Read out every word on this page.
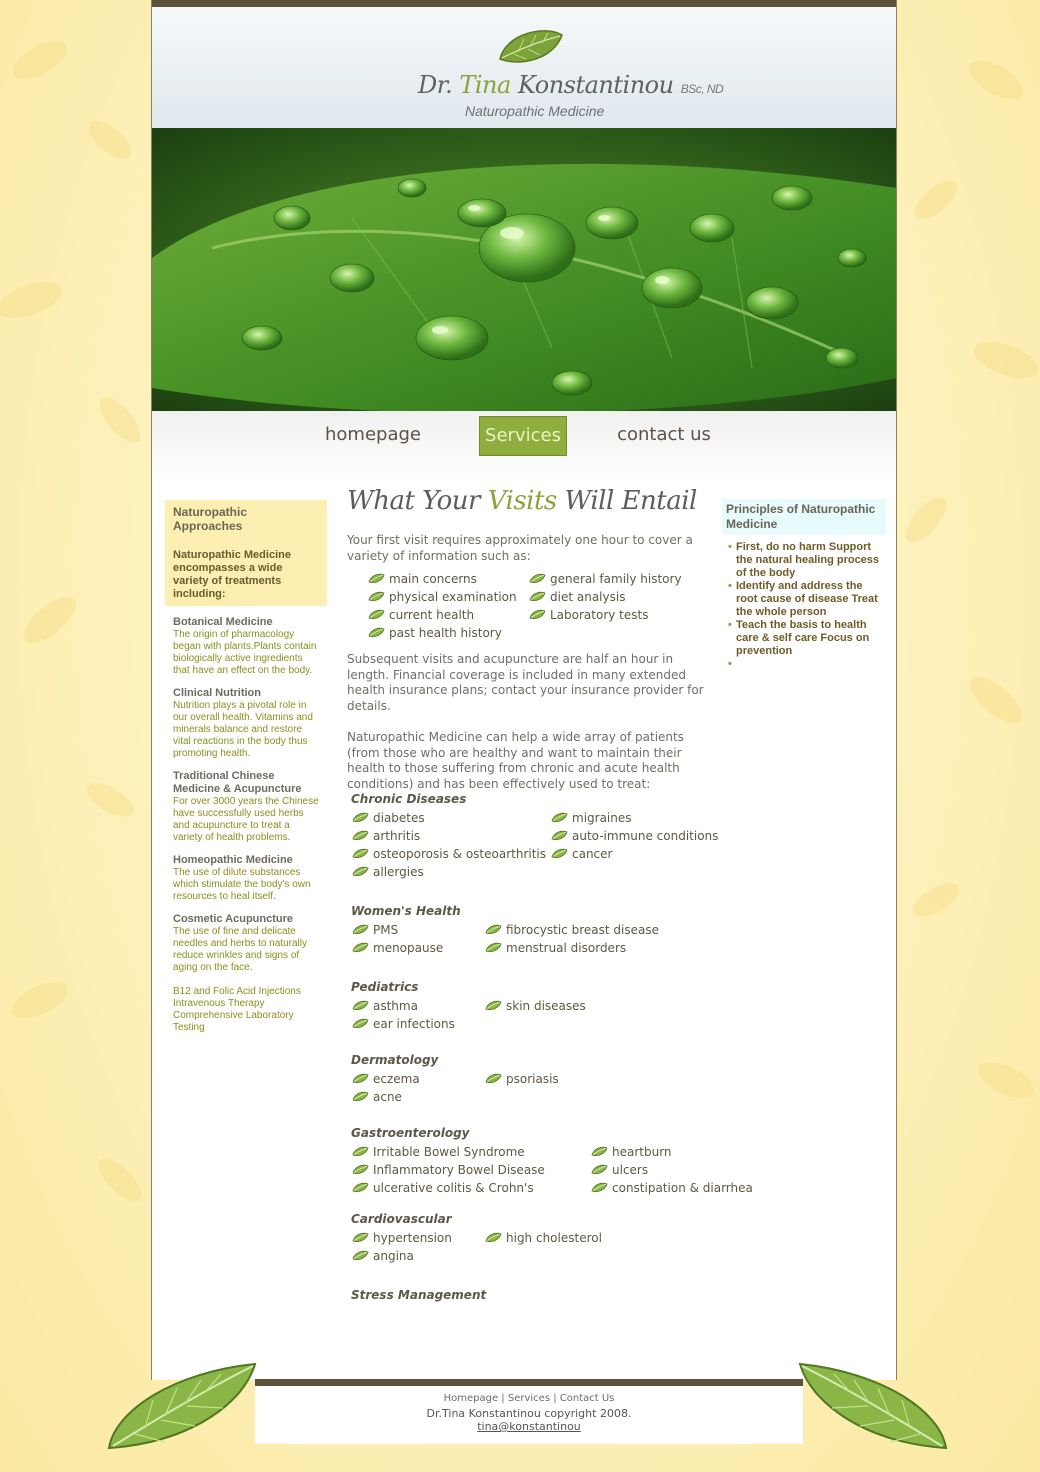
Dr. Tina Konstantinou BSc, ND
Naturopathic Medicine
homepage	Services	contact us
Naturopathic Approaches
Naturopathic Medicine encompasses a wide variety of treatments including:
Botanical Medicine
The origin of pharmacology began with plants.Plants contain biologically active ingredients that have an effect on the body.
Clinical Nutrition
Nutrition plays a pivotal role in our overall health. Vitamins and minerals balance and restore vital reactions in the body thus promoting health.
Traditional Chinese Medicine & Acupuncture
For over 3000 years the Chinese have successfully used herbs and acupuncture to treat a variety of health problems.
Homeopathic Medicine
The use of dilute substances which stimulate the body's own resources to heal itself.
Cosmetic Acupuncture
The use of fine and delicate needles and herbs to naturally reduce wrinkles and signs of aging on the face.
B12 and Folic Acid Injections
Intravenous Therapy
Comprehensive Laboratory Testing
What Your Visits Will Entail
Your first visit requires approximately one hour to cover a variety of information such as:
main concerns
physical examination
current health
past health history
general family history
diet analysis
Laboratory tests
Subsequent visits and acupuncture are half an hour in length. Financial coverage is included in many extended health insurance plans; contact your insurance provider for details.
Naturopathic Medicine can help a wide array of patients (from those who are healthy and want to maintain their health to those suffering from chronic and acute health conditions) and has been effectively used to treat:
Chronic Diseases
diabetes
arthritis
osteoporosis & osteoarthritis
allergies
migraines
auto-immune conditions
cancer
Women's Health
PMS
menopause
fibrocystic breast disease
menstrual disorders
Pediatrics
asthma
ear infections
skin diseases
Dermatology
eczema
acne
psoriasis
Gastroenterology
Irritable Bowel Syndrome
Inflammatory Bowel Disease
ulcerative colitis & Crohn's
heartburn
ulcers
constipation & diarrhea
Cardiovascular
hypertension
angina
high cholesterol
Stress Management
Principles of Naturopathic Medicine
• First, do no harm Support the natural healing process of the body
• Identify and address the root cause of disease Treat the whole person
• Teach the basis to health care & self care Focus on prevention
•
Homepage | Services | Contact Us
Dr.Tina Konstantinou copyright 2008.
tina@konstantinou
